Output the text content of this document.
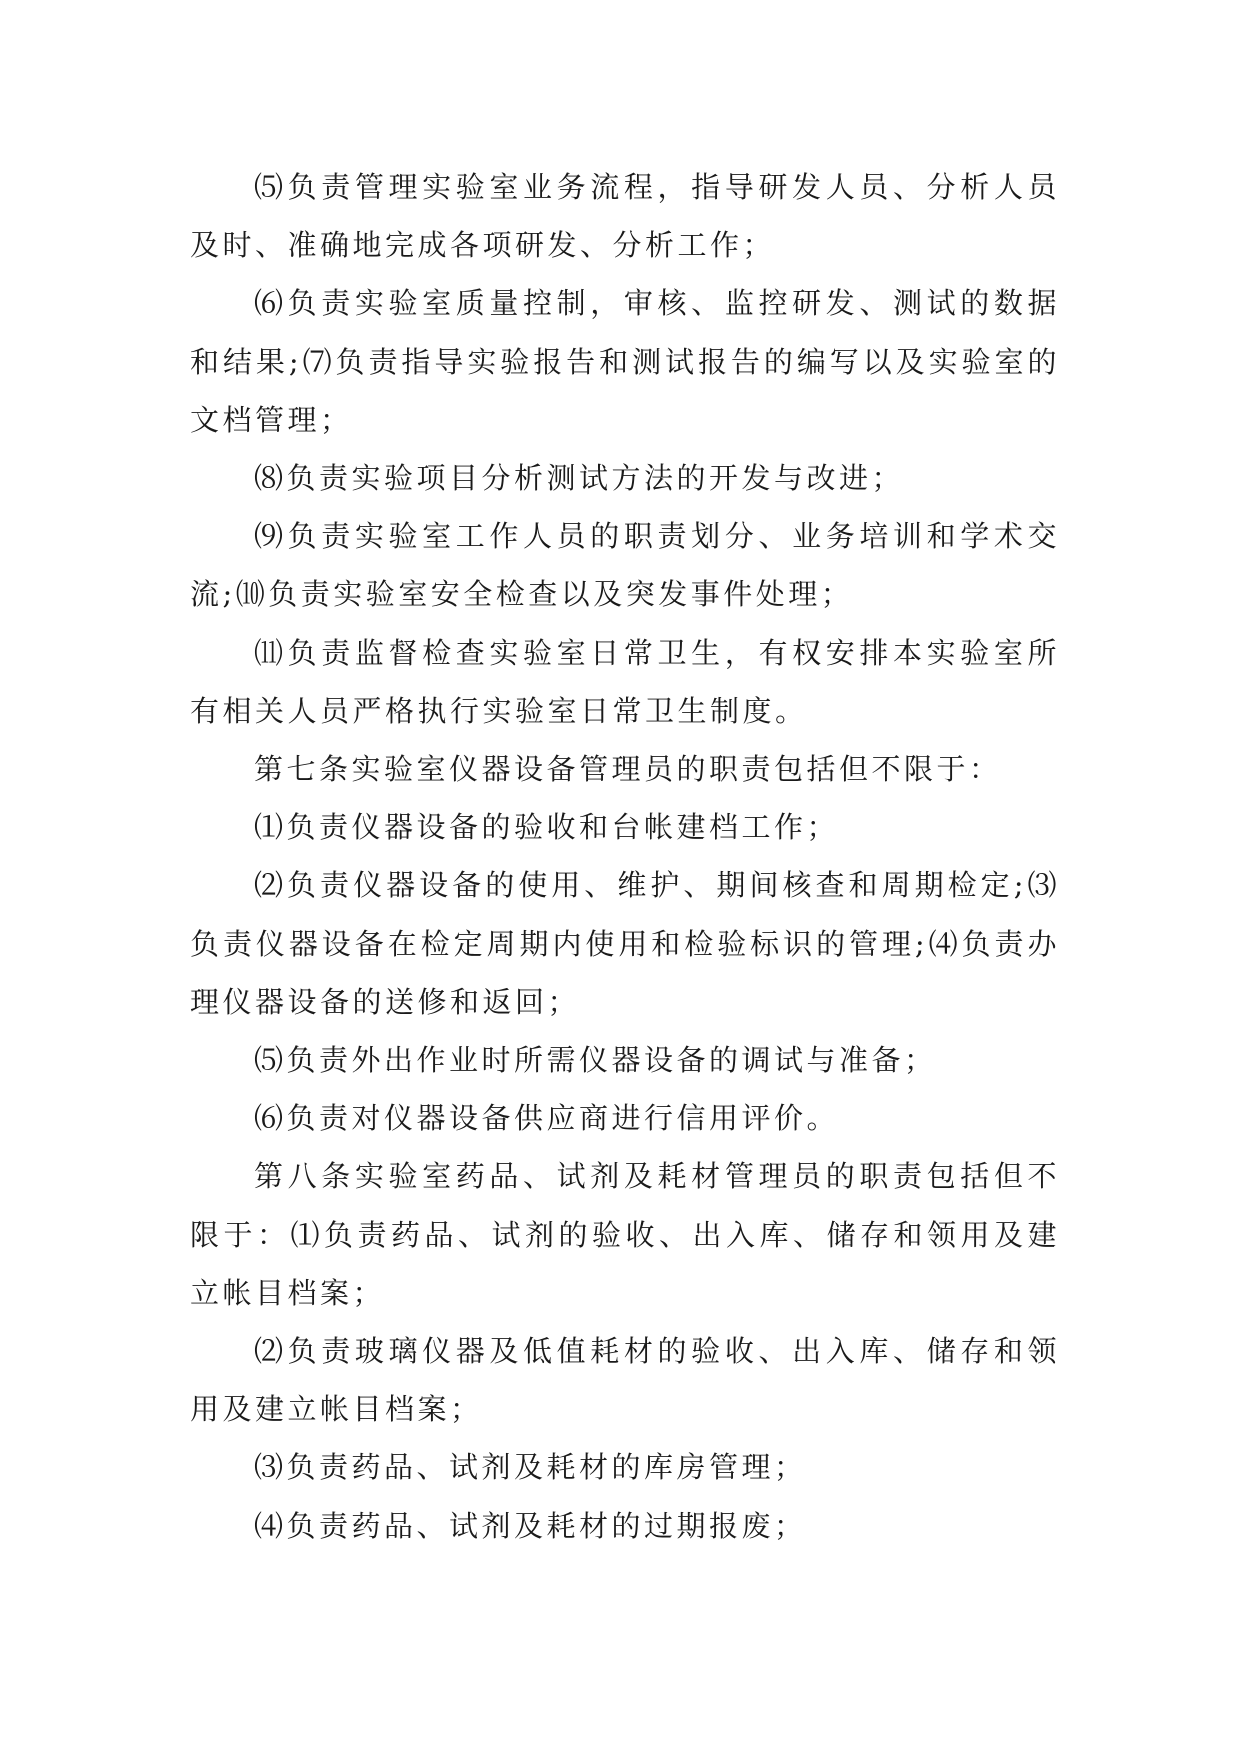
⑸负责管理实验室业务流程，指导研发人员、分析人员及时、准确地完成各项研发、分析工作；

⑹负责实验室质量控制，审核、监控研发、测试的数据和结果;⑺负责指导实验报告和测试报告的编写以及实验室的文档管理；

⑻负责实验项目分析测试方法的开发与改进；

⑼负责实验室工作人员的职责划分、业务培训和学术交流;⑽负责实验室安全检查以及突发事件处理；

⑾负责监督检查实验室日常卫生，有权安排本实验室所有相关人员严格执行实验室日常卫生制度。

第七条实验室仪器设备管理员的职责包括但不限于：

⑴负责仪器设备的验收和台帐建档工作；

⑵负责仪器设备的使用、维护、期间核查和周期检定;⑶负责仪器设备在检定周期内使用和检验标识的管理;⑷负责办理仪器设备的送修和返回；

⑸负责外出作业时所需仪器设备的调试与准备；

⑹负责对仪器设备供应商进行信用评价。

第八条实验室药品、试剂及耗材管理员的职责包括但不限于：⑴负责药品、试剂的验收、出入库、储存和领用及建立帐目档案；

⑵负责玻璃仪器及低值耗材的验收、出入库、储存和领用及建立帐目档案；

⑶负责药品、试剂及耗材的库房管理；

⑷负责药品、试剂及耗材的过期报废；
